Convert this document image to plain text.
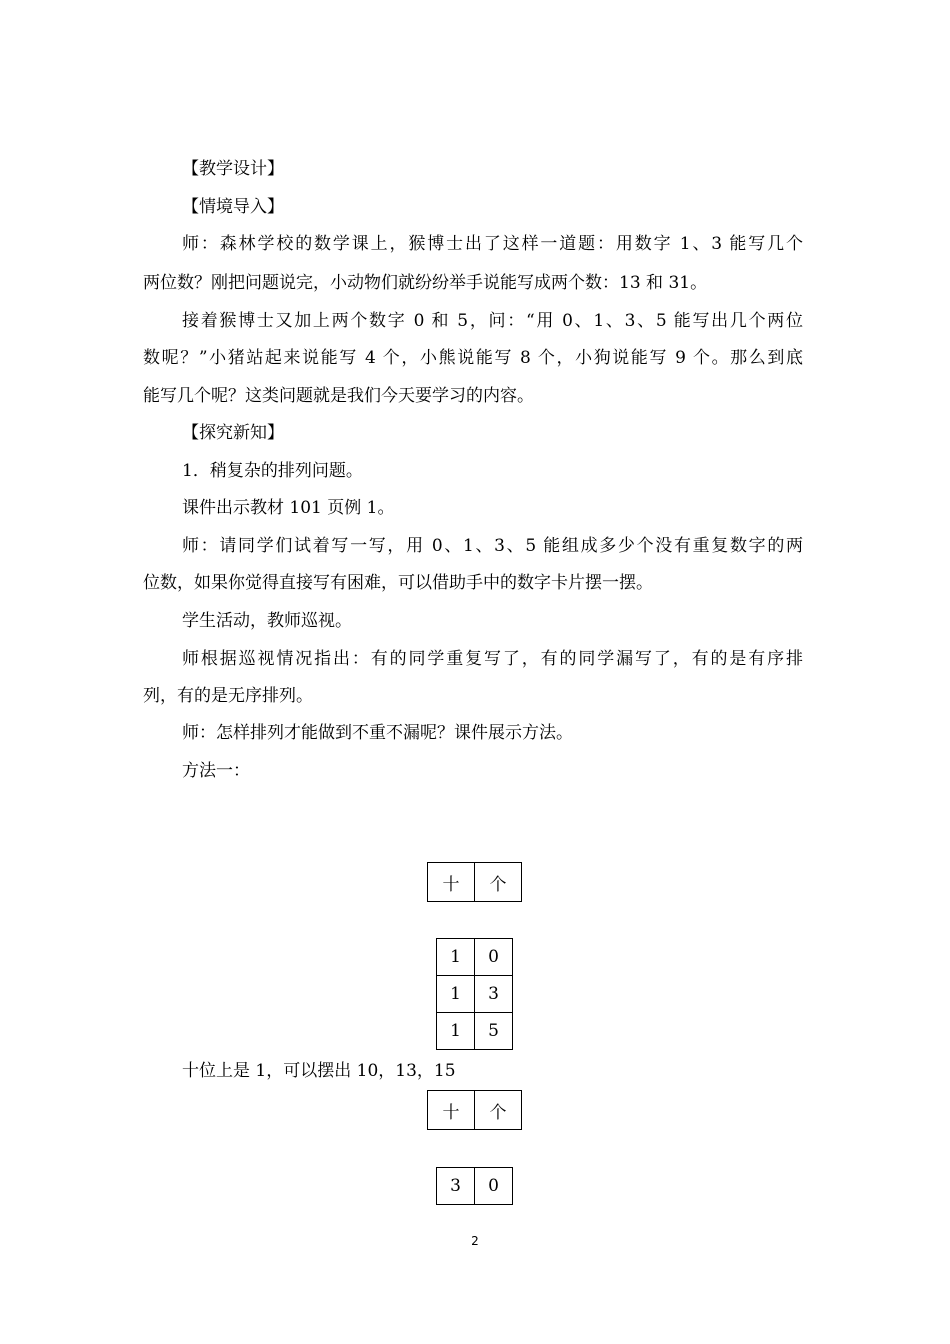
【教学设计】
【情境导入】
师：森林学校的数学课上，猴博士出了这样一道题：用数字 1、3 能写几个
两位数？刚把问题说完，小动物们就纷纷举手说能写成两个数：13 和 31。
接着猴博士又加上两个数字 0 和 5，问：“用 0、1、3、5 能写出几个两位
数呢？”小猪站起来说能写 4 个，小熊说能写 8 个，小狗说能写 9 个。那么到底
能写几个呢？这类问题就是我们今天要学习的内容。
【探究新知】
1．稍复杂的排列问题。
课件出示教材 101 页例 1。
师：请同学们试着写一写，用 0、1、3、5 能组成多少个没有重复数字的两
位数，如果你觉得直接写有困难，可以借助手中的数字卡片摆一摆。
学生活动，教师巡视。
师根据巡视情况指出：有的同学重复写了，有的同学漏写了，有的是有序排
列，有的是无序排列。
师：怎样排列才能做到不重不漏呢？课件展示方法。
方法一：
十	个
1	0
1	3
1	5
十位上是 1，可以摆出 10，13，15
十	个
3	0
2
